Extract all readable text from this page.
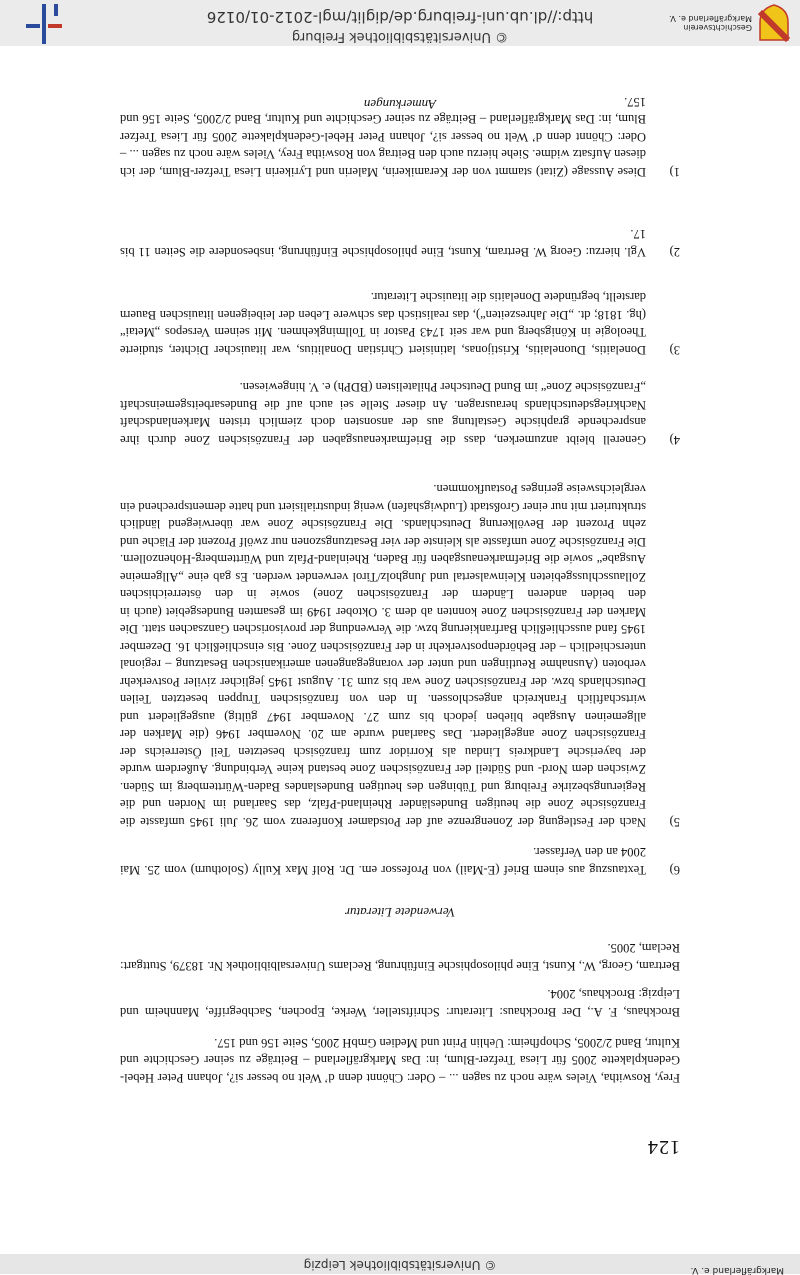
Geschichtsverein
Markgräflerland e. V.
© Universitätsbibliothek Freiburg
http://dl.ub.uni-freiburg.de/diglit/mgl-2012-01/0126
© Universitätsbibliothek Leipzig	Markgräflerland e. V.
Anmerkungen
1)
Diese Aussage (Zitat) stammt von der Keramikerin, Malerin und Lyrikerin Liesa Trefzer-Blum, der ich diesen Aufsatz widme. Siehe hierzu auch den Beitrag von Roswitha Frey, Vieles wäre noch zu sagen ... – Oder: Chönnt denn d’ Welt no besser si?, Johann Peter Hebel-Gedenkplakette 2005 für Liesa Trefzer Blum, in: Das Markgräflerland – Beiträge zu seiner Geschichte und Kultur, Band 2/2005, Seite 156 und 157.
2)
Vgl. hierzu: Georg W. Bertram, Kunst, Eine philosophische Einführung, insbesondere die Seiten 11 bis 17.
3)
Donelaitis, Duonelaitis, Kristijonas, latinisiert Christian Donalitius, war litauischer Dichter, studierte Theologie in Königsberg und war seit 1743 Pastor in Tollmingkehmen. Mit seinem Versepos „Metai“ (hg. 1818; dt. „Die Jahreszeiten“), das realistisch das schwere Leben der leibeigenen litauischen Bauern darstellt, begründete Donelaitis die litauische Literatur.
4)
Generell bleibt anzumerken, dass die Briefmarkenausgaben der Französischen Zone durch ihre ansprechende graphische Gestaltung aus der ansonsten doch ziemlich tristen Markenlandschaft Nachkriegsdeutschlands herausragen. An dieser Stelle sei auch auf die Bundesarbeitsgemeinschaft „Französische Zone“ im Bund Deutscher Philatelisten (BDPh) e. V. hingewiesen.
5)
Nach der Festlegung der Zonengrenze auf der Potsdamer Konferenz vom 26. Juli 1945 umfasste die Französische Zone die heutigen Bundesländer Rheinland-Pfalz, das Saarland im Norden und die Regierungsbezirke Freiburg und Tübingen des heutigen Bundeslandes Baden-Württemberg im Süden. Zwischen dem Nord- und Südteil der Französischen Zone bestand keine Verbindung. Außerdem wurde der bayerische Landkreis Lindau als Korridor zum französisch besetzten Teil Österreichs der Französischen Zone angegliedert. Das Saarland wurde am 20. November 1946 (die Marken der allgemeinen Ausgabe blieben jedoch bis zum 27. November 1947 gültig) ausgegliedert und wirtschaftlich Frankreich angeschlossen. In den von französischen Truppen besetzten Teilen Deutschlands bzw. der Französischen Zone war bis zum 31. August 1945 jeglicher ziviler Postverkehr verboten (Ausnahme Reutlingen und unter der vorangegangenen amerikanischen Besatzung – regional unterschiedlich – der Behördenpostverkehr in der Französischen Zone. Bis einschließlich 16. Dezember 1945 fand ausschließlich Barfrankierung bzw. die Verwendung der provisorischen Ganzsachen statt. Die Marken der Französischen Zone konnten ab dem 3. Oktober 1949 im gesamten Bundesgebiet (auch in den beiden anderen Ländern der Französischen Zone) sowie in den österreichischen Zollausschlussgebieten Kleinwalsertal und Jungholz/Tirol verwendet werden. Es gab eine „Allgemeine Ausgabe“ sowie die Briefmarkenausgaben für Baden, Rheinland-Pfalz und Württemberg-Hohenzollern. Die Französische Zone umfasste als kleinste der vier Besatzungszonen nur zwölf Prozent der Fläche und zehn Prozent der Bevölkerung Deutschlands. Die Französische Zone war überwiegend ländlich strukturiert mit nur einer Großstadt (Ludwigshafen) wenig industrialisiert und hatte dementsprechend ein vergleichsweise geringes Postaufkommen.
6)
Textauszug aus einem Brief (E-Mail) von Professor em. Dr. Rolf Max Kully (Solothurn) vom 25. Mai 2004 an den Verfasser.
Verwendete Literatur
Bertram, Georg, W., Kunst, Eine philosophische Einführung, Reclams Universalbibliothek Nr. 18379, Stuttgart: Reclam, 2005.
Brockhaus, F. A., Der Brockhaus: Literatur: Schriftsteller, Werke, Epochen, Sachbegriffe, Mannheim und Leipzig: Brockhaus, 2004.
Frey, Roswitha, Vieles wäre noch zu sagen ... – Oder: Chönnt denn d’ Welt no besser si?, Johann Peter Hebel-Gedenkplakette 2005 für Liesa Trefzer-Blum, in: Das Markgräflerland – Beiträge zu seiner Geschichte und Kultur, Band 2/2005, Schopfheim: Uehlin Print und Medien GmbH 2005, Seite 156 und 157.
124
